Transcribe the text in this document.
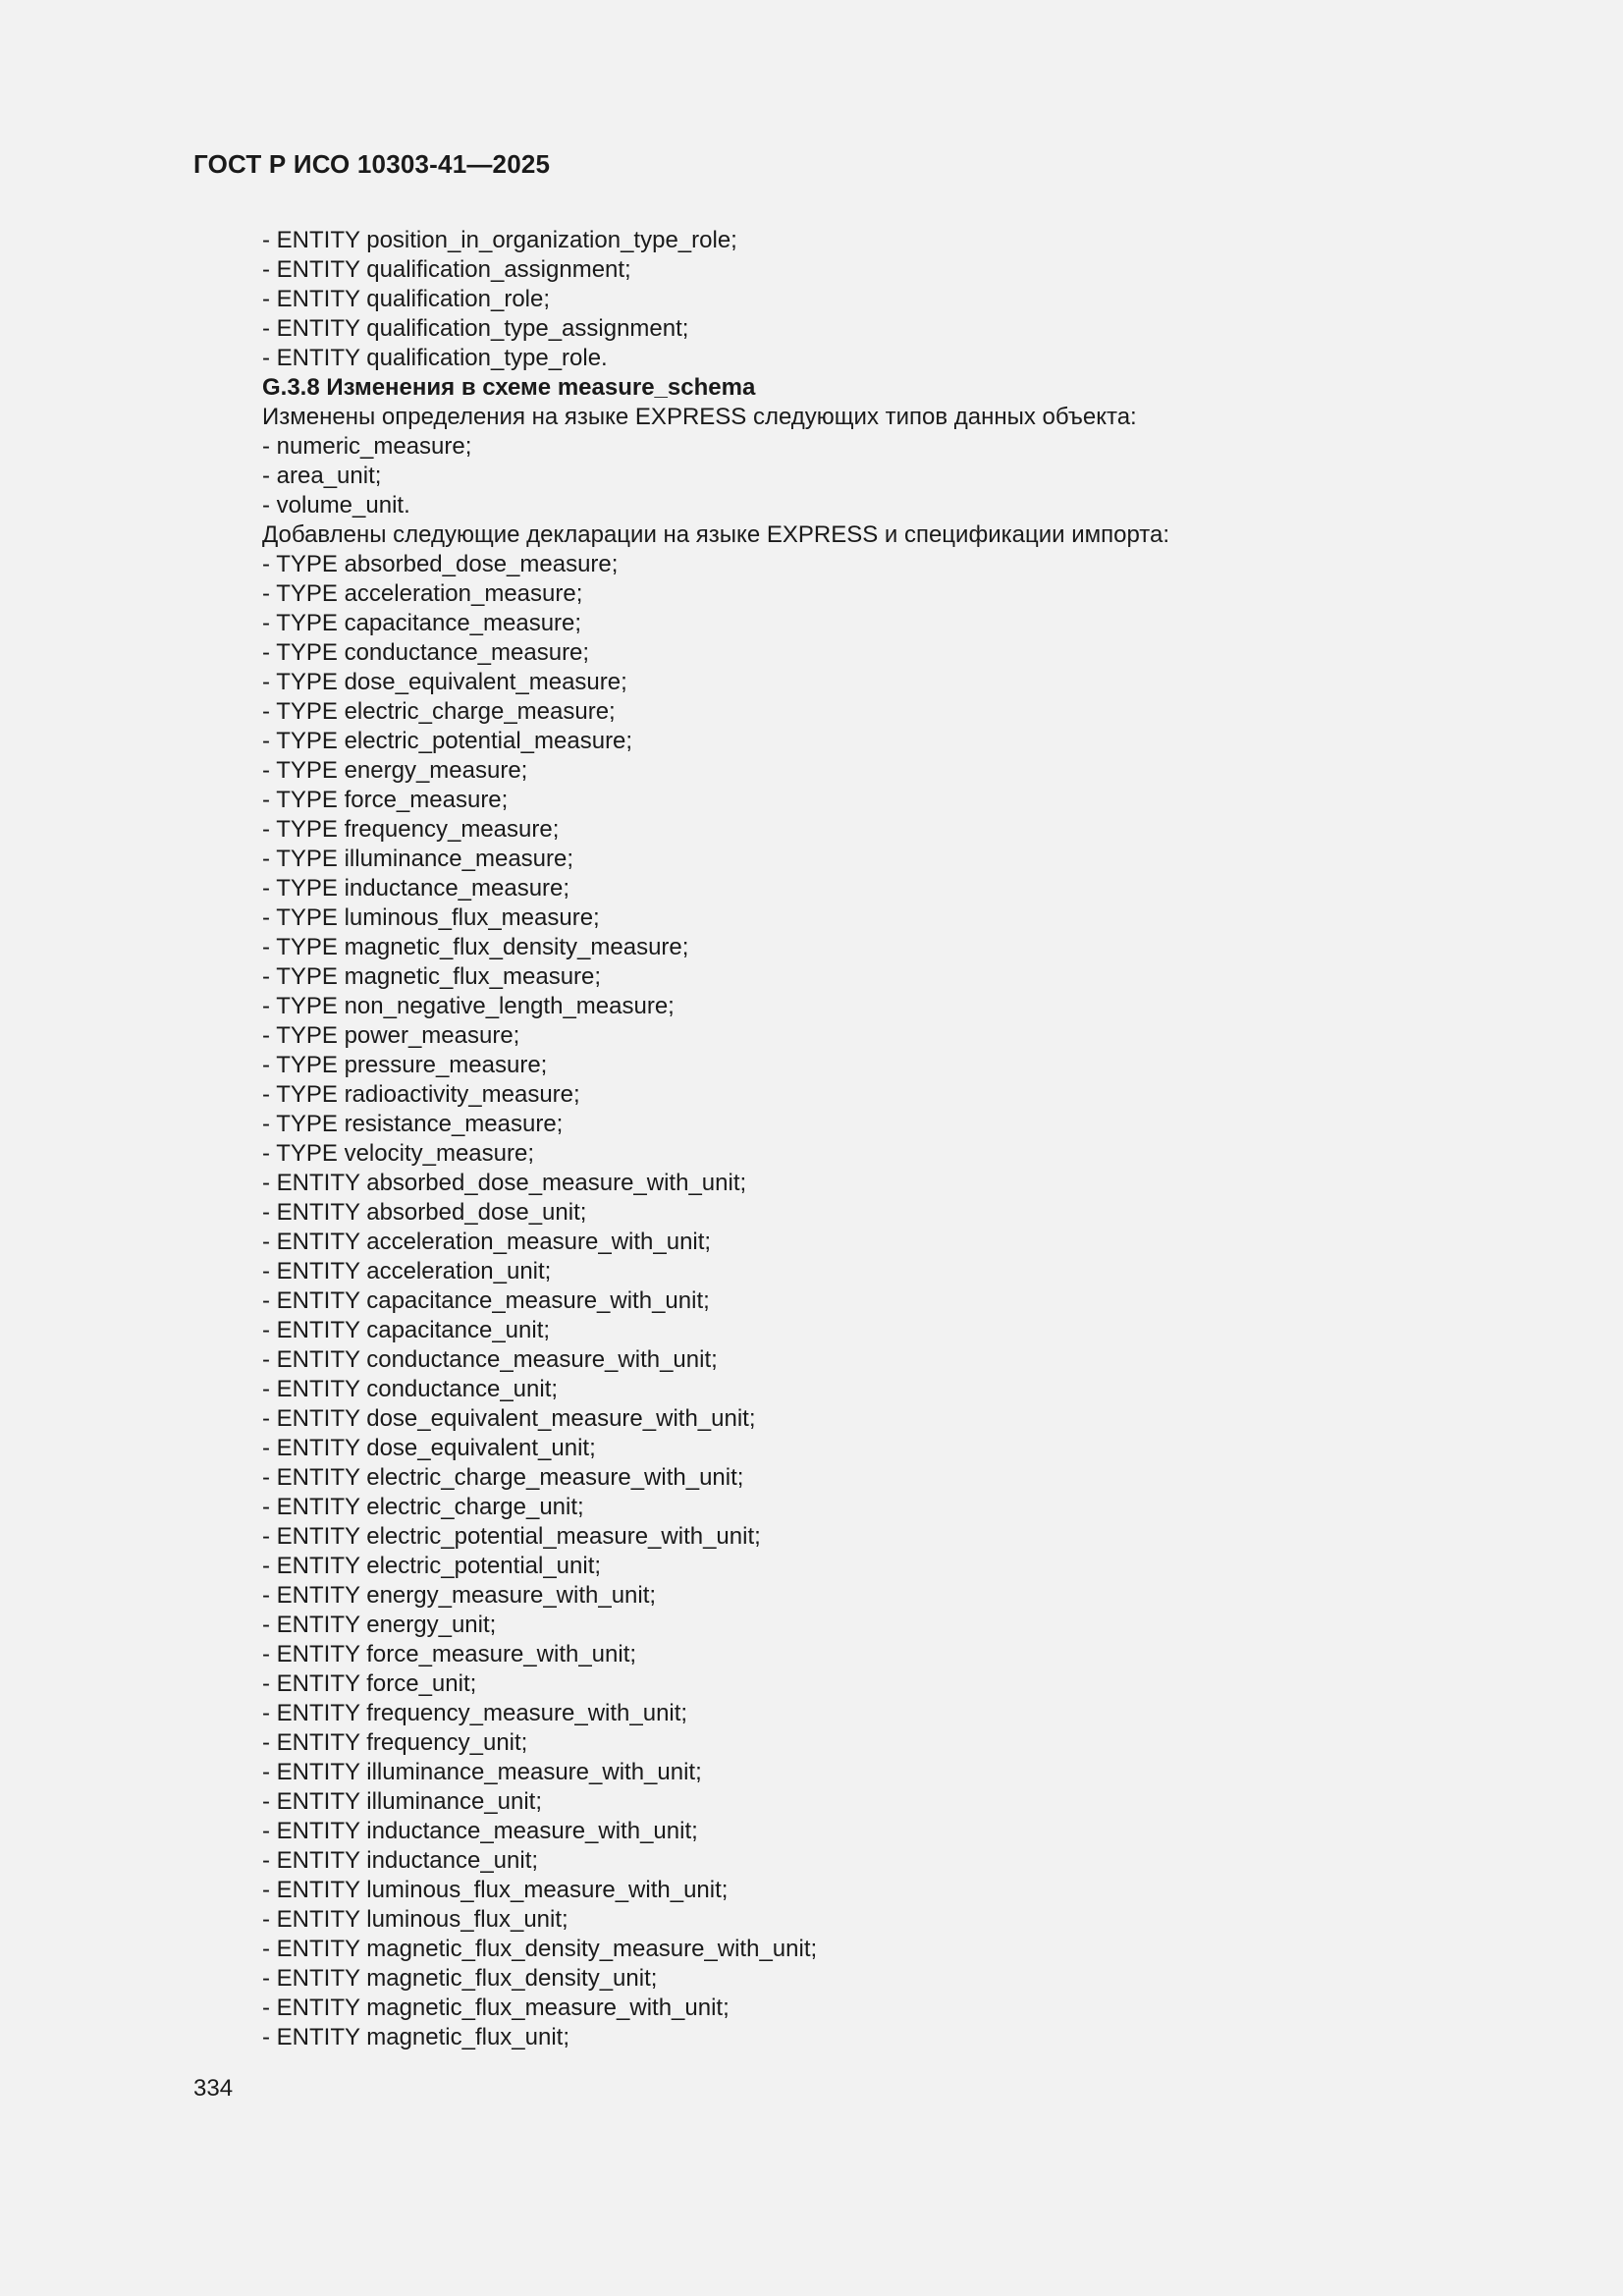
ГОСТ Р ИСО 10303-41—2025
- ENTITY position_in_organization_type_role;
- ENTITY qualification_assignment;
- ENTITY qualification_role;
- ENTITY qualification_type_assignment;
- ENTITY qualification_type_role.
G.3.8 Изменения в схеме measure_schema
Изменены определения на языке EXPRESS следующих типов данных объекта:
- numeric_measure;
- area_unit;
- volume_unit.
Добавлены следующие декларации на языке EXPRESS и спецификации импорта:
- TYPE absorbed_dose_measure;
- TYPE acceleration_measure;
- TYPE capacitance_measure;
- TYPE conductance_measure;
- TYPE dose_equivalent_measure;
- TYPE electric_charge_measure;
- TYPE electric_potential_measure;
- TYPE energy_measure;
- TYPE force_measure;
- TYPE frequency_measure;
- TYPE illuminance_measure;
- TYPE inductance_measure;
- TYPE luminous_flux_measure;
- TYPE magnetic_flux_density_measure;
- TYPE magnetic_flux_measure;
- TYPE non_negative_length_measure;
- TYPE power_measure;
- TYPE pressure_measure;
- TYPE radioactivity_measure;
- TYPE resistance_measure;
- TYPE velocity_measure;
- ENTITY absorbed_dose_measure_with_unit;
- ENTITY absorbed_dose_unit;
- ENTITY acceleration_measure_with_unit;
- ENTITY acceleration_unit;
- ENTITY capacitance_measure_with_unit;
- ENTITY capacitance_unit;
- ENTITY conductance_measure_with_unit;
- ENTITY conductance_unit;
- ENTITY dose_equivalent_measure_with_unit;
- ENTITY dose_equivalent_unit;
- ENTITY electric_charge_measure_with_unit;
- ENTITY electric_charge_unit;
- ENTITY electric_potential_measure_with_unit;
- ENTITY electric_potential_unit;
- ENTITY energy_measure_with_unit;
- ENTITY energy_unit;
- ENTITY force_measure_with_unit;
- ENTITY force_unit;
- ENTITY frequency_measure_with_unit;
- ENTITY frequency_unit;
- ENTITY illuminance_measure_with_unit;
- ENTITY illuminance_unit;
- ENTITY inductance_measure_with_unit;
- ENTITY inductance_unit;
- ENTITY luminous_flux_measure_with_unit;
- ENTITY luminous_flux_unit;
- ENTITY magnetic_flux_density_measure_with_unit;
- ENTITY magnetic_flux_density_unit;
- ENTITY magnetic_flux_measure_with_unit;
- ENTITY magnetic_flux_unit;
334
